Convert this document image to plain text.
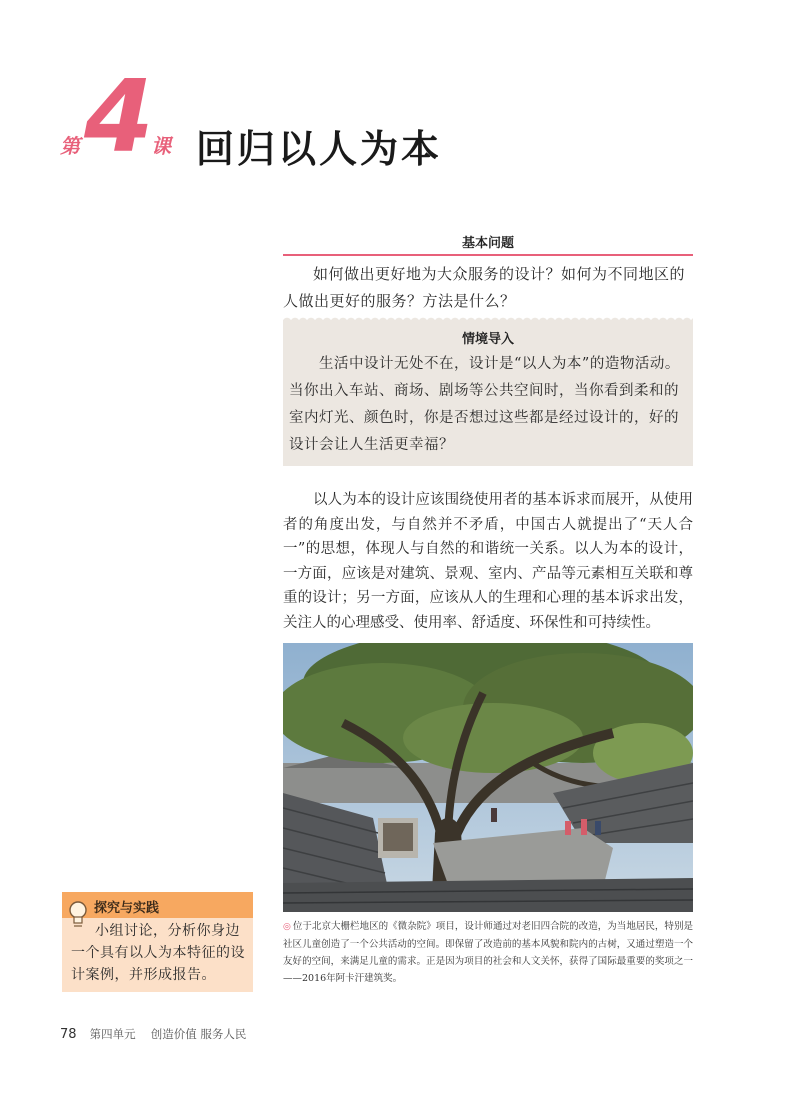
第 4
课 回归以人为本
基本问题
如何做出更好地为大众服务的设计？如何为不同地区的人做出更好的服务？方法是什么？
情境导入
生活中设计无处不在，设计是“以人为本”的造物活动。当你出入车站、商场、剧场等公共空间时，当你看到柔和的室内灯光、颜色时，你是否想过这些都是经过设计的，好的设计会让人生活更幸福？
以人为本的设计应该围绕使用者的基本诉求而展开，从使用者的角度出发，与自然并不矛盾，中国古人就提出了“天人合一”的思想，体现人与自然的和谐统一关系。以人为本的设计，一方面，应该是对建筑、景观、室内、产品等元素相互关联和尊重的设计；另一方面，应该从人的生理和心理的基本诉求出发，关注人的心理感受、使用率、舒适度、环保性和可持续性。
◎ 位于北京大栅栏地区的《微杂院》项目，设计师通过对老旧四合院的改造，为当地居民，特别是社区儿童创造了一个公共活动的空间。即保留了改造前的基本风貌和院内的古树，又通过塑造一个友好的空间，来满足儿童的需求。正是因为项目的社会和人文关怀，获得了国际最重要的奖项之一——2016年阿卡汗建筑奖。
探究与实践
小组讨论，分析你身边一个具有以人为本特征的设计案例，并形成报告。
78 第四单元 创造价值 服务人民
